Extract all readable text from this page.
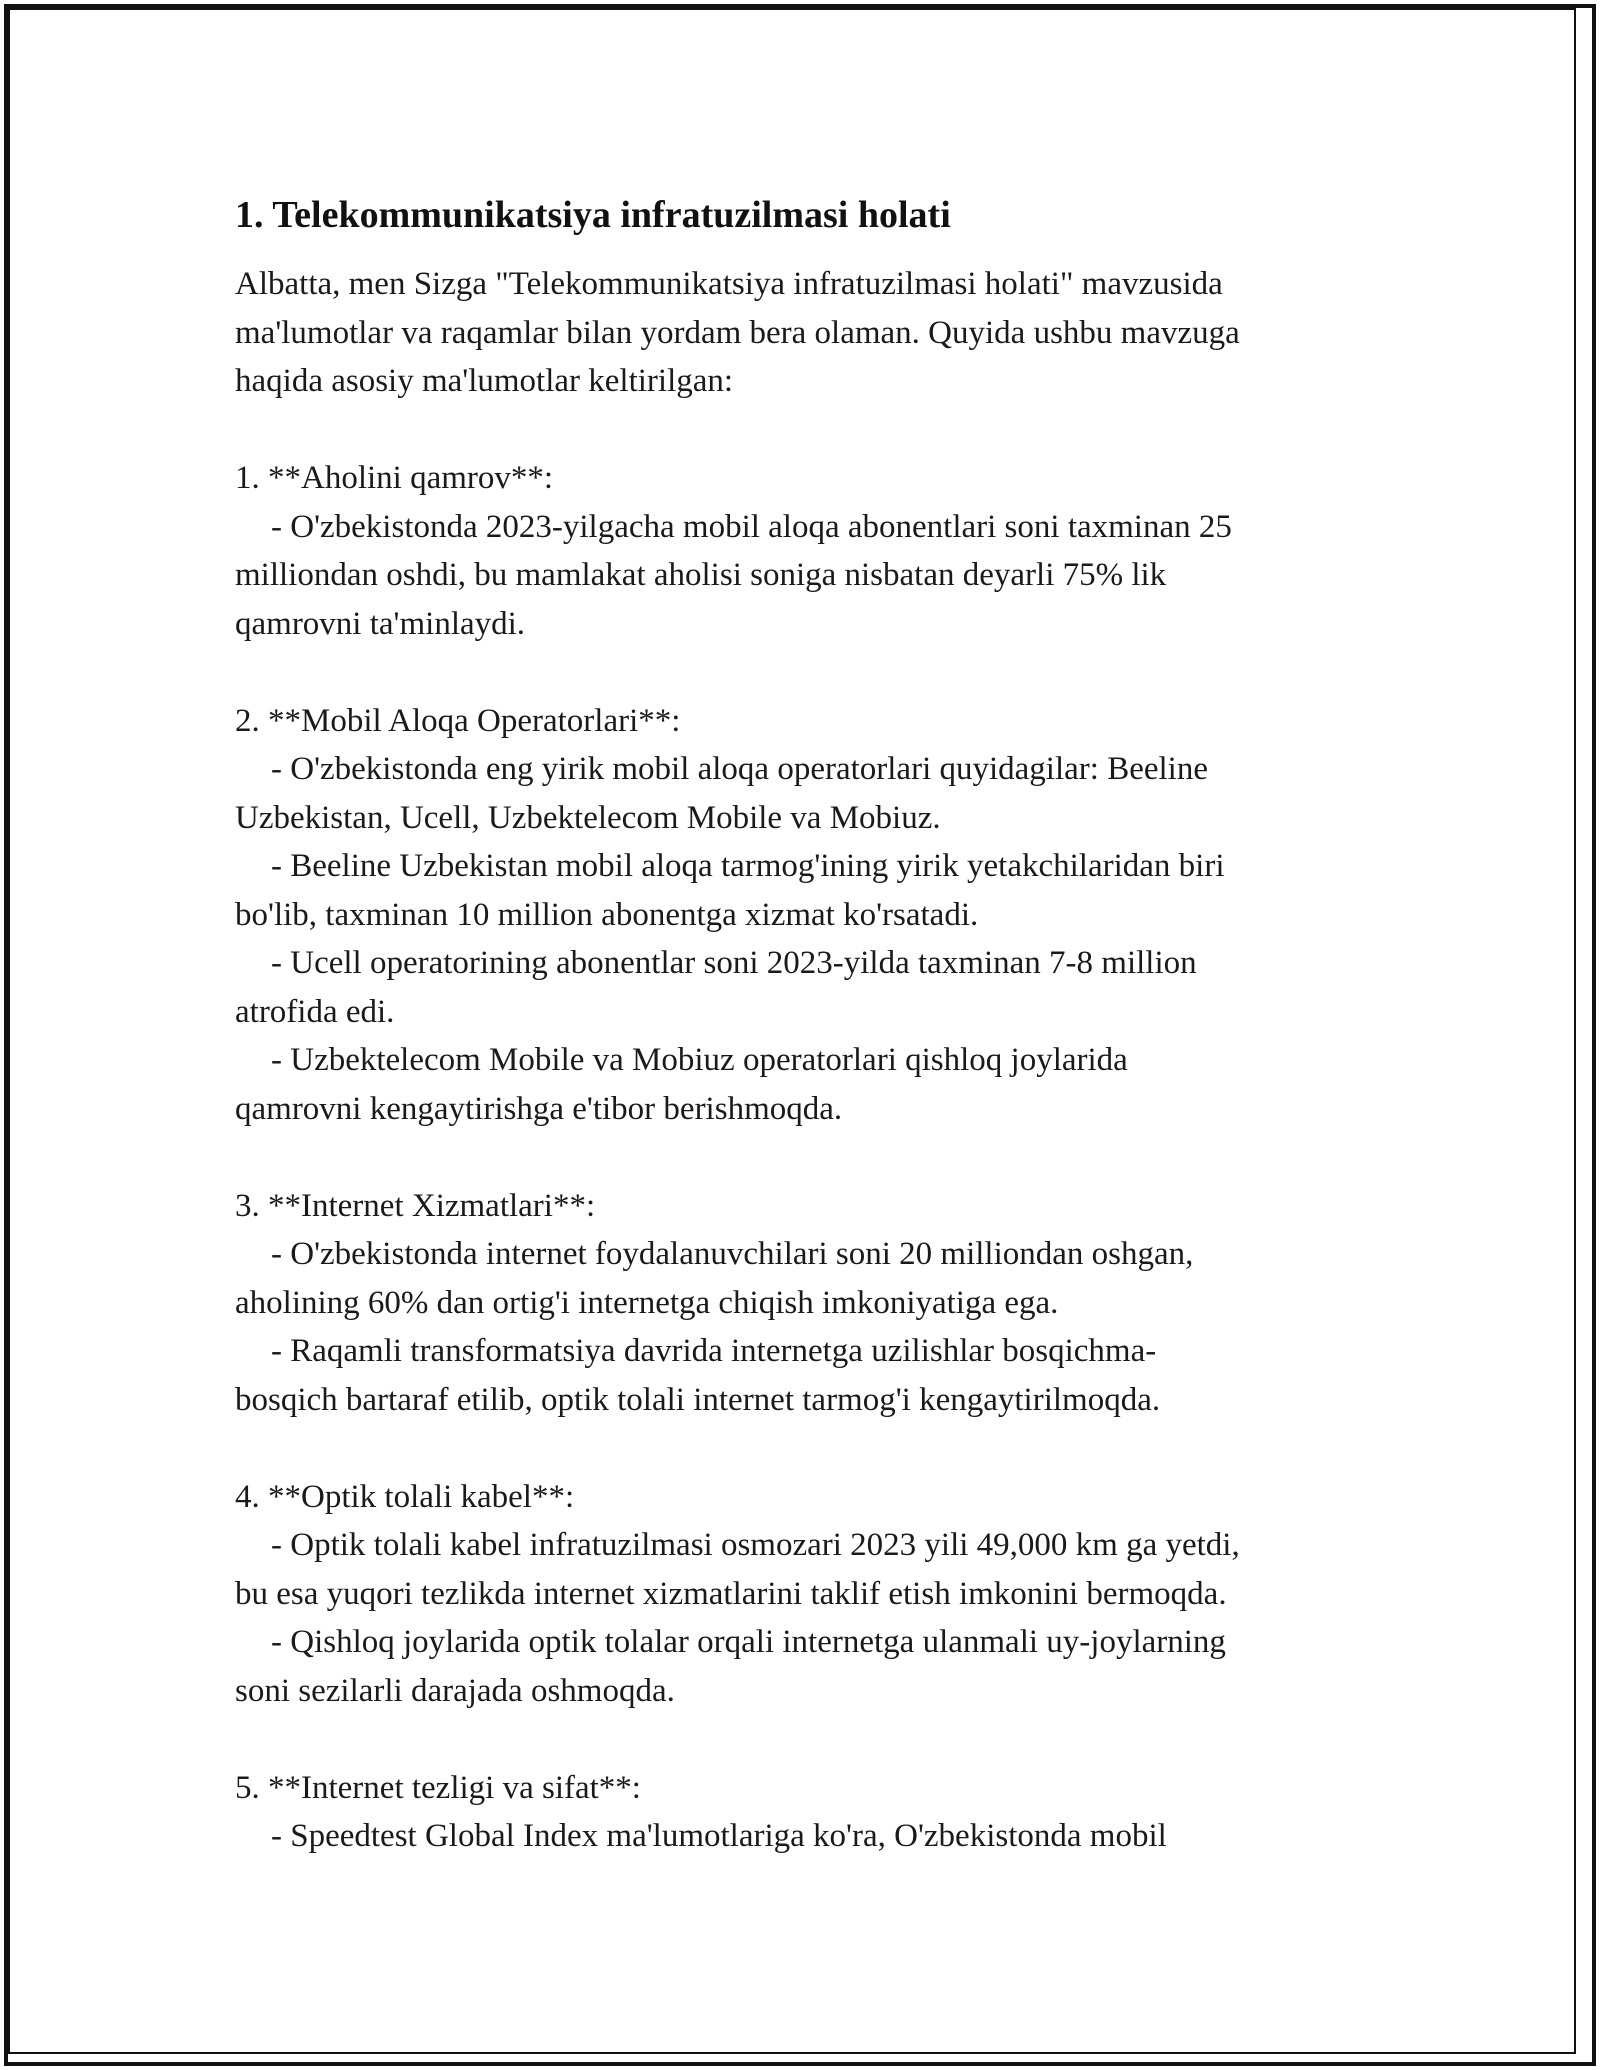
1. Telekommunikatsiya infratuzilmasi holati

Albatta, men Sizga "Telekommunikatsiya infratuzilmasi holati" mavzusida
ma'lumotlar va raqamlar bilan yordam bera olaman. Quyida ushbu mavzuga
haqida asosiy ma'lumotlar keltirilgan:

1. **Aholini qamrov**:
- O'zbekistonda 2023-yilgacha mobil aloqa abonentlari soni taxminan 25
milliondan oshdi, bu mamlakat aholisi soniga nisbatan deyarli 75% lik
qamrovni ta'minlaydi.
2. **Mobil Aloqa Operatorlari**:
- O'zbekistonda eng yirik mobil aloqa operatorlari quyidagilar: Beeline
Uzbekistan, Ucell, Uzbektelecom Mobile va Mobiuz.
- Beeline Uzbekistan mobil aloqa tarmog'ining yirik yetakchilaridan biri
bo'lib, taxminan 10 million abonentga xizmat ko'rsatadi.
- Ucell operatorining abonentlar soni 2023-yilda taxminan 7-8 million
atrofida edi.
- Uzbektelecom Mobile va Mobiuz operatorlari qishloq joylarida
qamrovni kengaytirishga e'tibor berishmoqda.
3. **Internet Xizmatlari**:
- O'zbekistonda internet foydalanuvchilari soni 20 milliondan oshgan,
aholining 60% dan ortig'i internetga chiqish imkoniyatiga ega.
- Raqamli transformatsiya davrida internetga uzilishlar bosqichma-
bosqich bartaraf etilib, optik tolali internet tarmog'i kengaytirilmoqda.
4. **Optik tolali kabel**:
- Optik tolali kabel infratuzilmasi osmozari 2023 yili 49,000 km ga yetdi,
bu esa yuqori tezlikda internet xizmatlarini taklif etish imkonini bermoqda.
- Qishloq joylarida optik tolalar orqali internetga ulanmali uy-joylarning
soni sezilarli darajada oshmoqda.
5. **Internet tezligi va sifat**:
- Speedtest Global Index ma'lumotlariga ko'ra, O'zbekistonda mobil
